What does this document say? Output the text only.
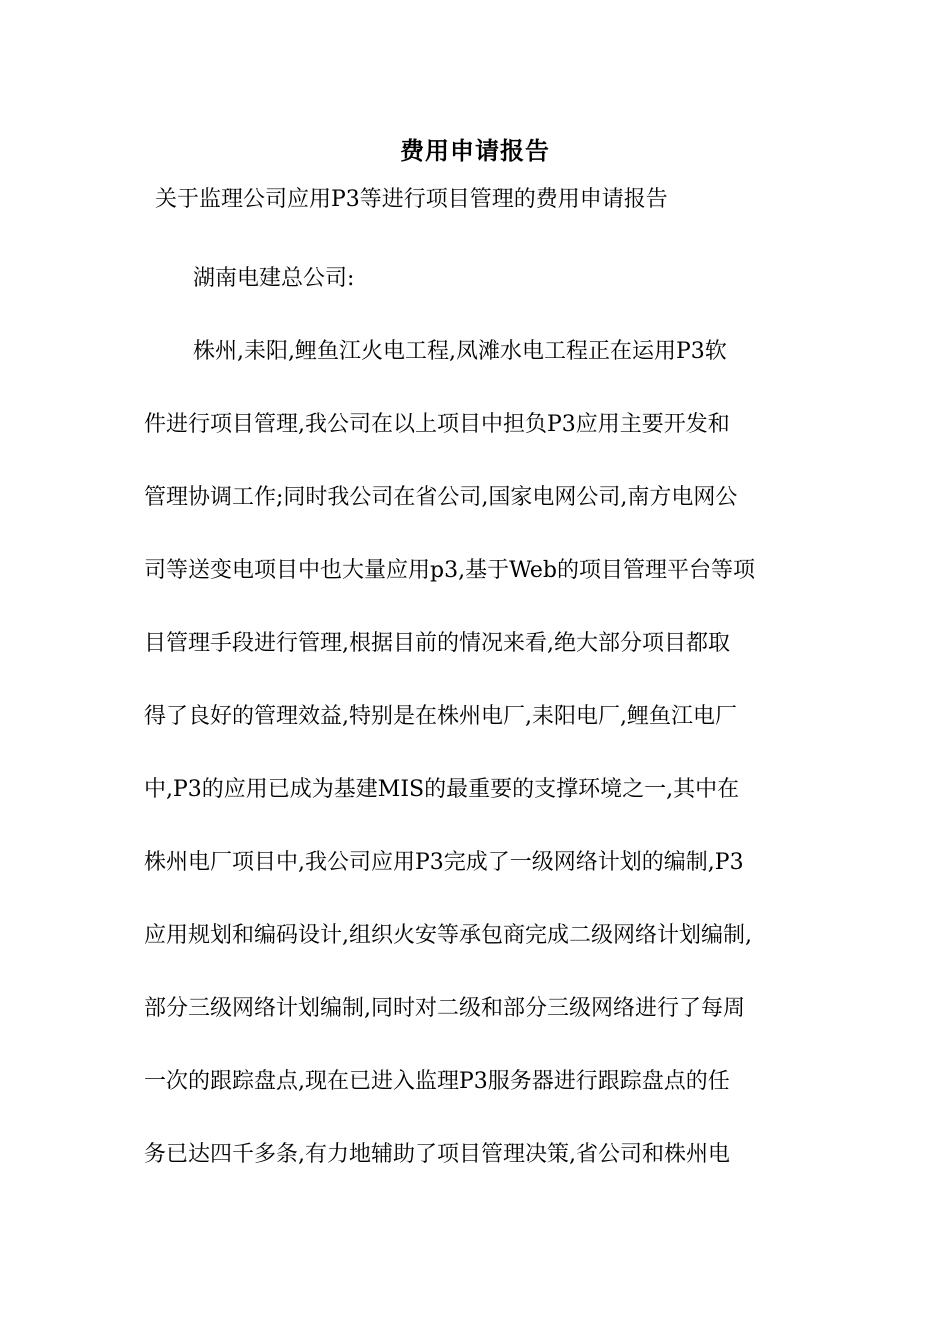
费用申请报告
关于监理公司应用P3等进行项目管理的费用申请报告
湖南电建总公司:
株州,耒阳,鲤鱼江火电工程,凤滩水电工程正在运用P3软
件进行项目管理,我公司在以上项目中担负P3应用主要开发和
管理协调工作;同时我公司在省公司,国家电网公司,南方电网公
司等送变电项目中也大量应用p3,基于Web的项目管理平台等项
目管理手段进行管理,根据目前的情况来看,绝大部分项目都取
得了良好的管理效益,特别是在株州电厂,耒阳电厂,鲤鱼江电厂
中,P3的应用已成为基建MIS的最重要的支撑环境之一,其中在
株州电厂项目中,我公司应用P3完成了一级网络计划的编制,P3
应用规划和编码设计,组织火安等承包商完成二级网络计划编制,
部分三级网络计划编制,同时对二级和部分三级网络进行了每周
一次的跟踪盘点,现在已进入监理P3服务器进行跟踪盘点的任
务已达四千多条,有力地辅助了项目管理决策,省公司和株州电
